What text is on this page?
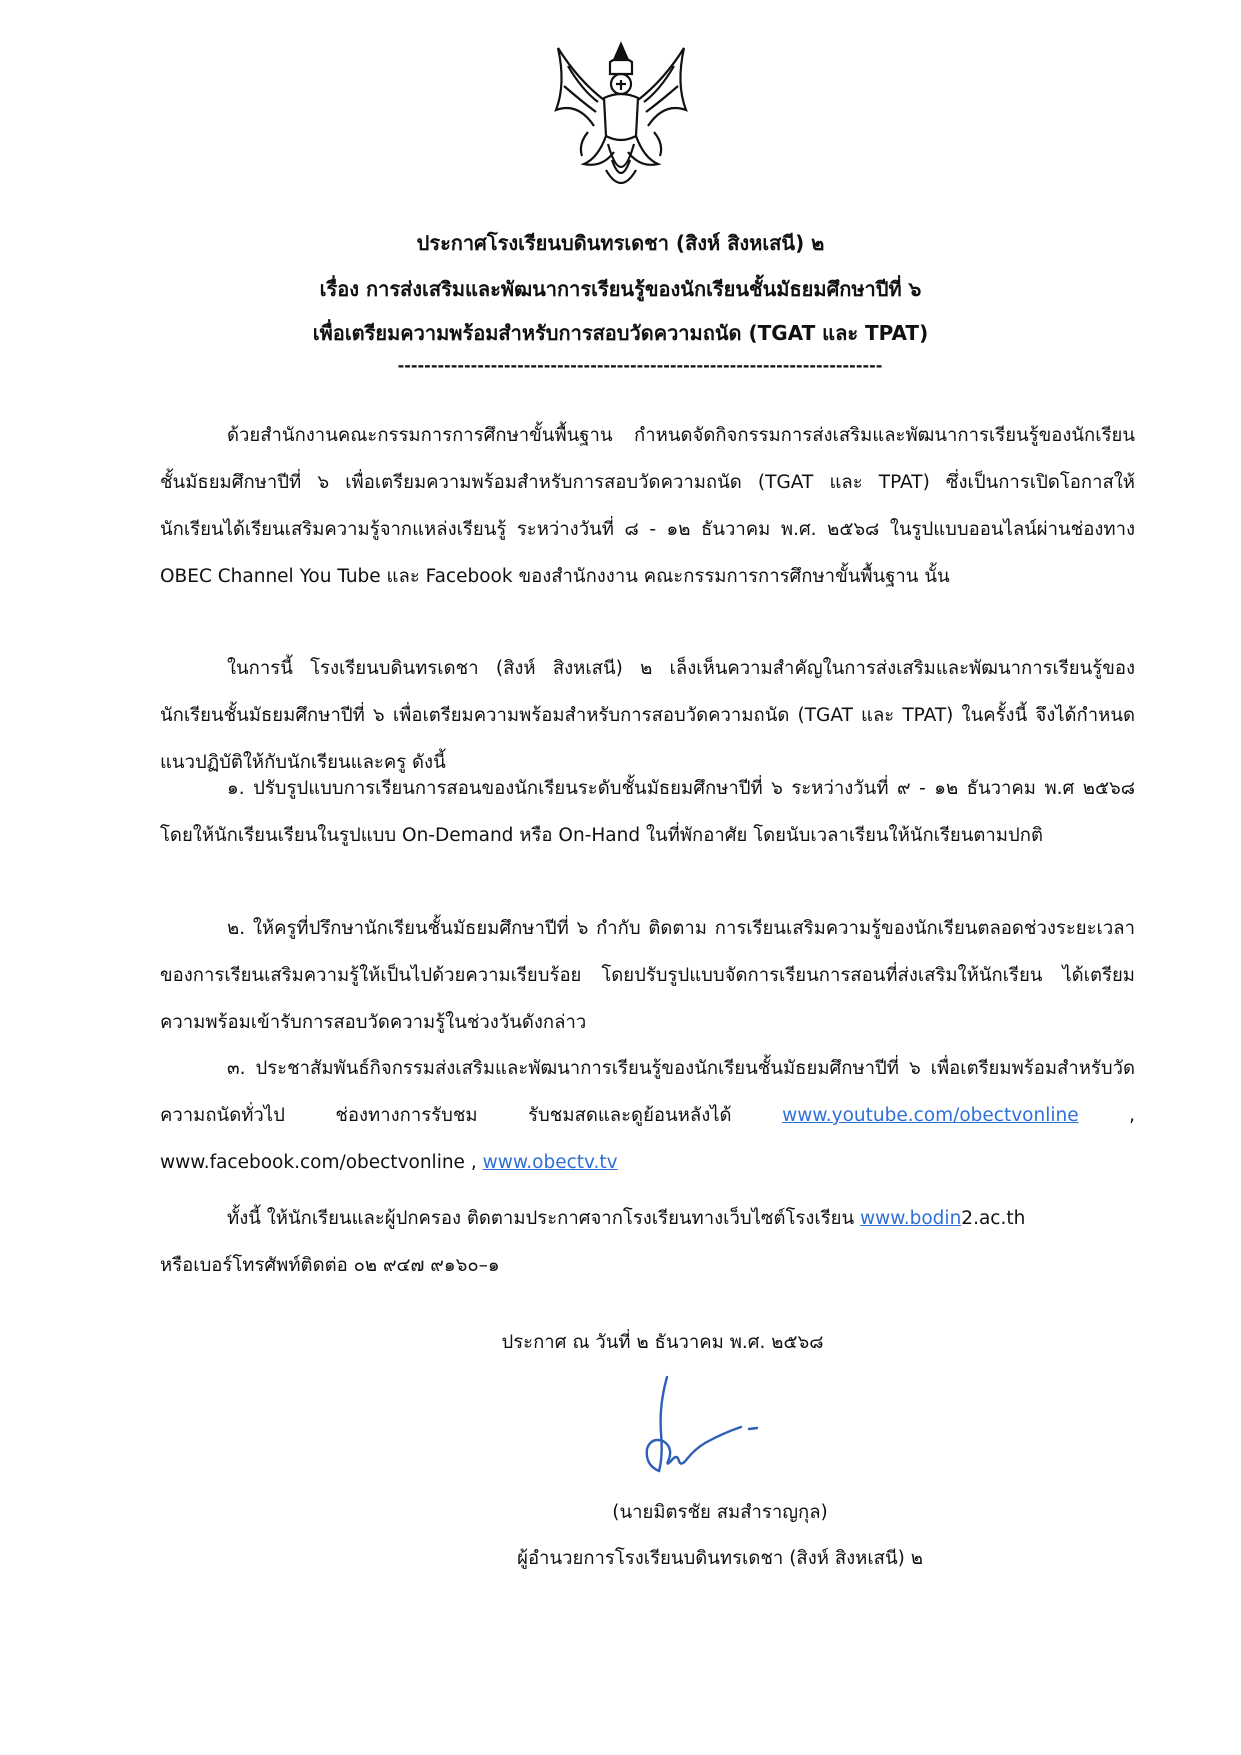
ประกาศโรงเรียนบดินทรเดชา (สิงห์ สิงหเสนี) ๒

เรื่อง การส่งเสริมและพัฒนาการเรียนรู้ของนักเรียนชั้นมัธยมศึกษาปีที่ ๖

เพื่อเตรียมความพร้อมสำหรับการสอบวัดความถนัด (TGAT และ TPAT)

-------------------------------------------------------------------------

ด้วยสำนักงานคณะกรรมการการศึกษาขั้นพื้นฐาน กำหนดจัดกิจกรรมการส่งเสริมและพัฒนาการเรียนรู้ของนักเรียนชั้นมัธยมศึกษาปีที่ ๖ เพื่อเตรียมความพร้อมสำหรับการสอบวัดความถนัด (TGAT และ TPAT) ซึ่งเป็นการเปิดโอกาสให้นักเรียนได้เรียนเสริมความรู้จากแหล่งเรียนรู้ ระหว่างวันที่ ๘ - ๑๒ ธันวาคม พ.ศ. ๒๕๖๘ ในรูปแบบออนไลน์ผ่านช่องทาง OBEC Channel You Tube และ Facebook ของสำนักงงาน คณะกรรมการการศึกษาขั้นพื้นฐาน นั้น

ในการนี้ โรงเรียนบดินทรเดชา (สิงห์ สิงหเสนี) ๒ เล็งเห็นความสำคัญในการส่งเสริมและพัฒนาการเรียนรู้ของนักเรียนชั้นมัธยมศึกษาปีที่ ๖ เพื่อเตรียมความพร้อมสำหรับการสอบวัดความถนัด (TGAT และ TPAT) ในครั้งนี้ จึงได้กำหนดแนวปฏิบัติให้กับนักเรียนและครู ดังนี้

๑. ปรับรูปแบบการเรียนการสอนของนักเรียนระดับชั้นมัธยมศึกษาปีที่ ๖ ระหว่างวันที่ ๙ - ๑๒ ธันวาคม พ.ศ ๒๕๖๘ โดยให้นักเรียนเรียนในรูปแบบ On-Demand หรือ On-Hand ในที่พักอาศัย โดยนับเวลาเรียนให้นักเรียนตามปกติ

๒. ให้ครูที่ปรึกษานักเรียนชั้นมัธยมศึกษาปีที่ ๖ กำกับ ติดตาม การเรียนเสริมความรู้ของนักเรียนตลอดช่วงระยะเวลาของการเรียนเสริมความรู้ให้เป็นไปด้วยความเรียบร้อย โดยปรับรูปแบบจัดการเรียนการสอนที่ส่งเสริมให้นักเรียน ได้เตรียมความพร้อมเข้ารับการสอบวัดความรู้ในช่วงวันดังกล่าว

๓. ประชาสัมพันธ์กิจกรรมส่งเสริมและพัฒนาการเรียนรู้ของนักเรียนชั้นมัธยมศึกษาปีที่ ๖ เพื่อเตรียมพร้อมสำหรับวัดความถนัดทั่วไป ช่องทางการรับชม รับชมสดและดูย้อนหลังได้	www.youtube.com/obectvonline , www.facebook.com/obectvonline , www.obectv.tv

ทั้งนี้ ให้นักเรียนและผู้ปกครอง ติดตามประกาศจากโรงเรียนทางเว็บไซต์โรงเรียน www.bodin2.ac.th
หรือเบอร์โทรศัพท์ติดต่อ ๐๒ ๙๔๗ ๙๑๖๐–๑

ประกาศ ณ วันที่ ๒ ธันวาคม พ.ศ. ๒๕๖๘
(นายมิตรชัย สมสำราญกุล)
ผู้อำนวยการโรงเรียนบดินทรเดชา (สิงห์ สิงหเสนี) ๒
